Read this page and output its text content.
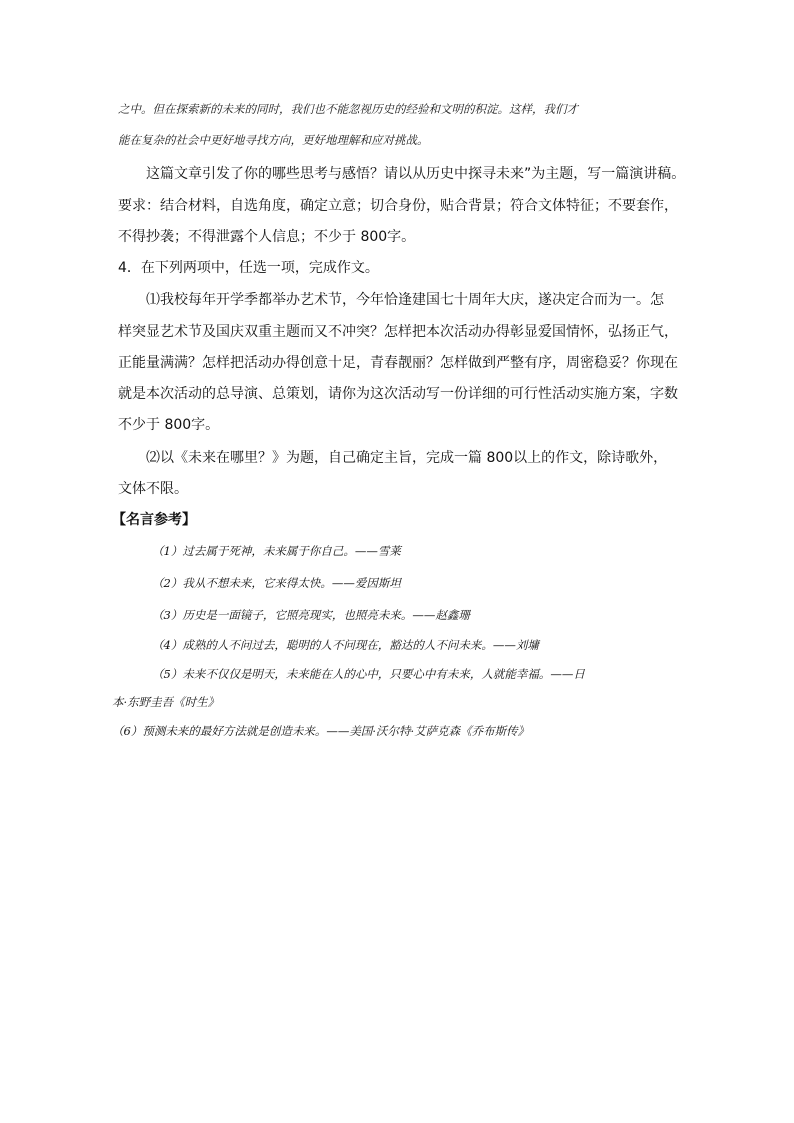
之中。但在探索新的未来的同时，我们也不能忽视历史的经验和文明的积淀。这样，我们才

能在复杂的社会中更好地寻找方向，更好地理解和应对挑战。

这篇文章引发了你的哪些思考与感悟？请以从历史中探寻未来”为主题，写一篇演讲稿。

要求：结合材料，自选角度，确定立意；切合身份，贴合背景；符合文体特征；不要套作，

不得抄袭；不得泄露个人信息；不少于 800字。

4．在下列两项中，任选一项，完成作文。

⑴我校每年开学季都举办艺术节，今年恰逢建国七十周年大庆，遂决定合而为一。怎

样突显艺术节及国庆双重主题而又不冲突？怎样把本次活动办得彰显爱国情怀，弘扬正气，

正能量满满？怎样把活动办得创意十足，青春靓丽？怎样做到严整有序，周密稳妥？你现在

就是本次活动的总导演、总策划，请你为这次活动写一份详细的可行性活动实施方案，字数

不少于 800字。

⑵以《未来在哪里？》为题，自己确定主旨，完成一篇 800以上的作文，除诗歌外，

文体不限。

【名言参考】

（1）过去属于死神，未来属于你自己。——雪莱

（2）我从不想未来，它来得太快。——爱因斯坦

（3）历史是一面镜子，它照亮现实，也照亮未来。——赵鑫珊

（4）成熟的人不问过去，聪明的人不问现在，豁达的人不问未来。——刘墉

（5）未来不仅仅是明天，未来能在人的心中，只要心中有未来，人就能幸福。——日

本·东野圭吾《时生》

（6）预测未来的最好方法就是创造未来。——美国·沃尔特·艾萨克森《乔布斯传》
